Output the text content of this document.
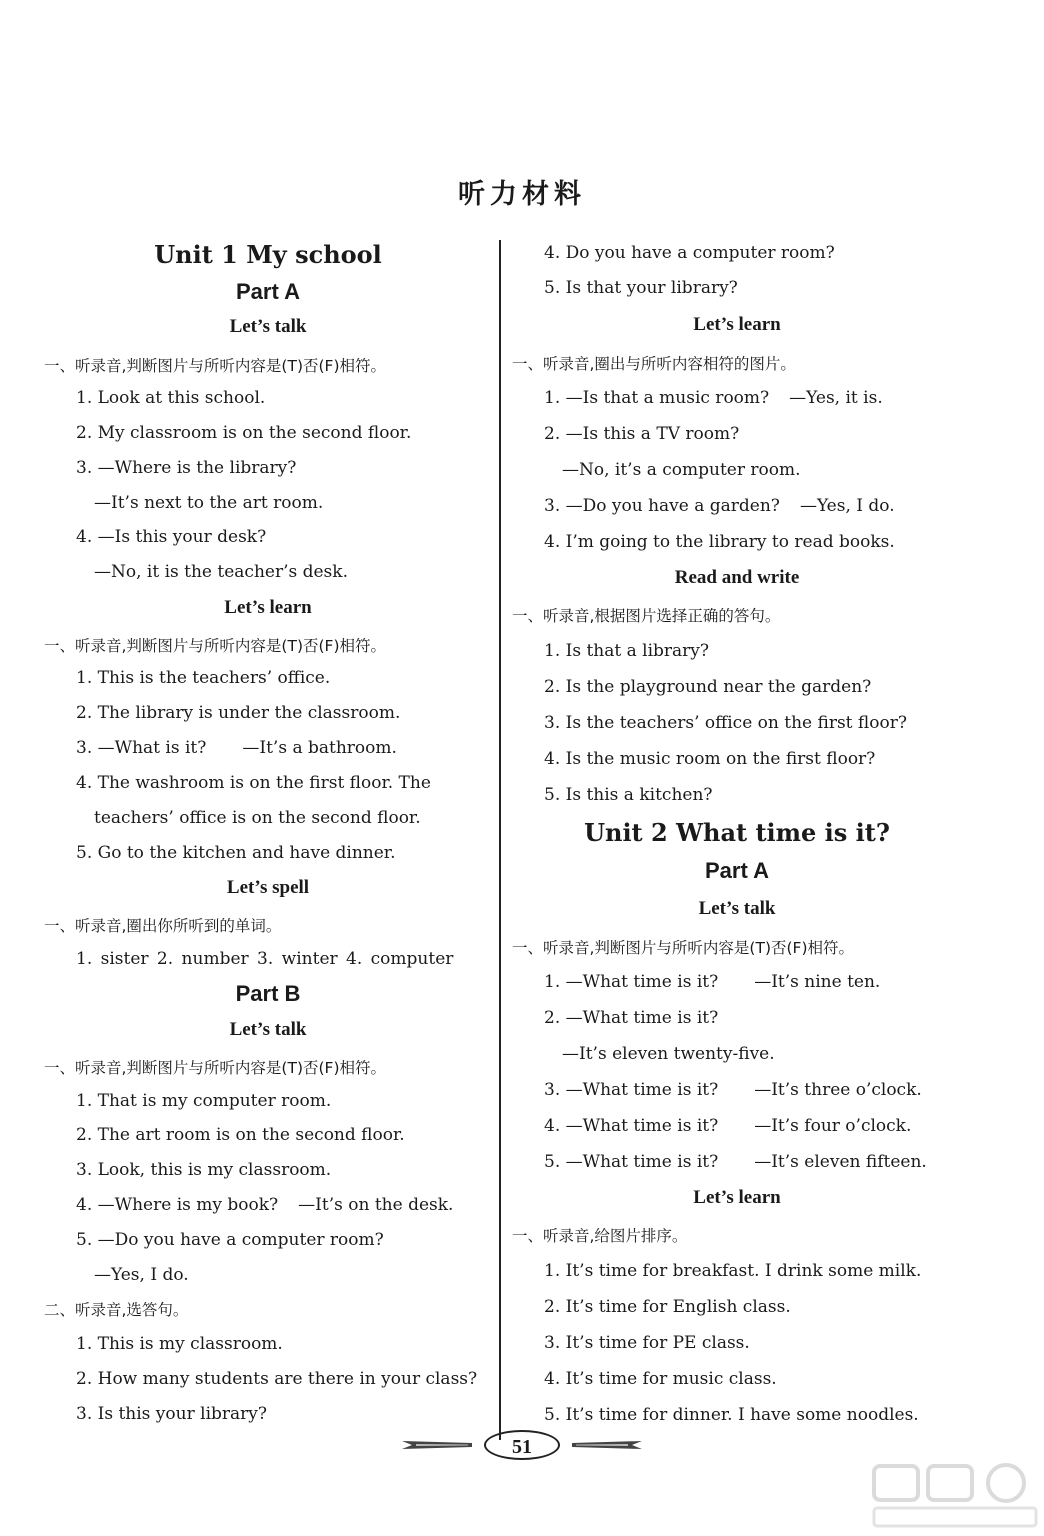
听力材料
Unit 1 My school
Part A
Let’s talk
一、听录音,判断图片与所听内容是(T)否(F)相符。
1. Look at this school.
2. My classroom is on the second floor.
3. —Where is the library?
—It’s next to the art room.
4. —Is this your desk?
—No, it is the teacher’s desk.
Let’s learn
一、听录音,判断图片与所听内容是(T)否(F)相符。
1. This is the teachers’ office.
2. The library is under the classroom.
3. —What is it? —It’s a bathroom.
4. The washroom is on the first floor. The
teachers’ office is on the second floor.
5. Go to the kitchen and have dinner.
Let’s spell
一、听录音,圈出你所听到的单词。
1. sister 2. number 3. winter 4. computer
Part B
Let’s talk
一、听录音,判断图片与所听内容是(T)否(F)相符。
1. That is my computer room.
2. The art room is on the second floor.
3. Look, this is my classroom.
4. —Where is my book? —It’s on the desk.
5. —Do you have a computer room?
—Yes, I do.
二、听录音,选答句。
1. This is my classroom.
2. How many students are there in your class?
3. Is this your library?
4. Do you have a computer room?
5. Is that your library?
Let’s learn
一、听录音,圈出与所听内容相符的图片。
1. —Is that a music room? —Yes, it is.
2. —Is this a TV room?
—No, it’s a computer room.
3. —Do you have a garden? —Yes, I do.
4. I’m going to the library to read books.
Read and write
一、听录音,根据图片选择正确的答句。
1. Is that a library?
2. Is the playground near the garden?
3. Is the teachers’ office on the first floor?
4. Is the music room on the first floor?
5. Is this a kitchen?
Unit 2 What time is it?
Part A
Let’s talk
一、听录音,判断图片与所听内容是(T)否(F)相符。
1. —What time is it? —It’s nine ten.
2. —What time is it?
—It’s eleven twenty-five.
3. —What time is it? —It’s three o’clock.
4. —What time is it? —It’s four o’clock.
5. —What time is it? —It’s eleven fifteen.
Let’s learn
一、听录音,给图片排序。
1. It’s time for breakfast. I drink some milk.
2. It’s time for English class.
3. It’s time for PE class.
4. It’s time for music class.
5. It’s time for dinner. I have some noodles.
51
